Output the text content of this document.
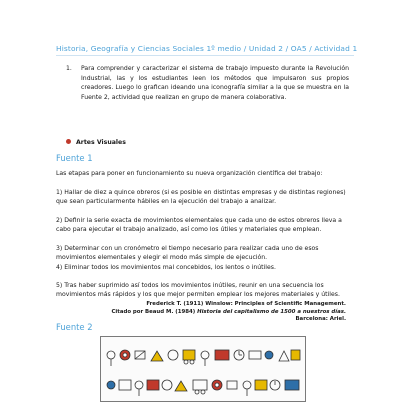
Historia, Geografía y Ciencias Sociales 1º medio / Unidad 2 / OA5 / Actividad 1
1. Para comprender y caracterizar el sistema de trabajo impuesto durante la Revolución Industrial, las y los estudiantes leen los métodos que impulsaron sus propios creadores. Luego lo grafican ideando una iconografía similar a la que se muestra en la Fuente 2, actividad que realizan en grupo de manera colaborativa.
Artes Visuales
Fuente 1
Las etapas para poner en funcionamiento su nueva organización científica del trabajo:
1) Hallar de diez a quince obreros (si es posible en distintas empresas y de distintas regiones) que sean particularmente hábiles en la ejecución del trabajo a analizar.
2) Definir la serie exacta de movimientos elementales que cada uno de estos obreros lleva a cabo para ejecutar el trabajo analizado, así como los útiles y materiales que emplean.
3) Determinar con un cronómetro el tiempo necesario para realizar cada uno de esos movimientos elementales y elegir el modo más simple de ejecución.
Frederick T. (1911) Winslow: Principles of Scientific Management.
Citado por Beaud M. (1984) Historia del capitalismo de 1500 a nuestros días. Barcelona: Ariel.
Fuente 2
4) Eliminar todos los movimientos mal concebidos, los lentos o inútiles.
5) Tras haber suprimido así todos los movimientos inútiles, reunir en una secuencia los movimientos más rápidos y los que mejor permiten emplear los mejores materiales y útiles.
